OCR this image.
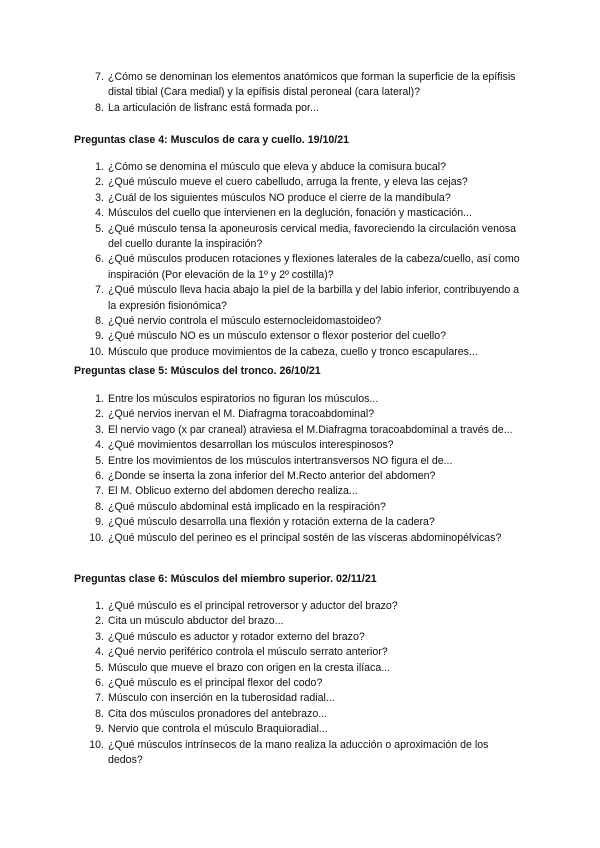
7. ¿Cómo se denominan los elementos anatómicos que forman la superficie de la epífisis distal tibial (Cara medial) y la epífisis distal peroneal (cara lateral)?
8. La articulación de lisfranc está formada por...
Preguntas clase 4: Musculos de cara y cuello. 19/10/21
1. ¿Cómo se denomina el músculo que eleva y abduce la comisura bucal?
2. ¿Qué músculo mueve el cuero cabelludo, arruga la frente, y eleva las cejas?
3. ¿Cuál de los siguientes músculos NO produce el cierre de la mandíbula?
4. Músculos del cuello que intervienen en la deglución, fonación y masticación...
5. ¿Qué músculo tensa la aponeurosis cervical media, favoreciendo la circulación venosa del cuello durante la inspiración?
6. ¿Qué músculos producen rotaciones y flexiones laterales de la cabeza/cuello, así como inspiración (Por elevación de la 1º y 2º costilla)?
7. ¿Qué músculo lleva hacia abajo la piel de la barbilla y del labio inferior, contribuyendo a la expresión fisionómica?
8. ¿Qué nervio controla el músculo esternocleidomastoideo?
9. ¿Qué músculo NO es un músculo extensor o flexor posterior del cuello?
10. Músculo que produce movimientos de la cabeza, cuello y tronco escapulares...
Preguntas clase 5: Músculos del tronco. 26/10/21
1. Entre los músculos espiratorios no figuran los músculos...
2. ¿Qué nervios inervan el M. Diafragma toracoabdominal?
3. El nervio vago (x par craneal) atraviesa el M.Diafragma toracoabdominal a través de...
4. ¿Qué movimientos desarrollan los músculos interespinosos?
5. Entre los movimientos de los músculos intertransversos NO figura el de...
6. ¿Donde se inserta la zona inferior del M.Recto anterior del abdomen?
7. El M. Oblicuo externo del abdomen derecho realiza...
8. ¿Qué músculo abdominal está implicado en la respiración?
9. ¿Qué músculo desarrolla una flexión y rotación externa de la cadera?
10. ¿Qué músculo del perineo es el principal sostén de las vísceras abdominopélvicas?
Preguntas clase 6: Músculos del miembro superior. 02/11/21
1. ¿Qué músculo es el principal retroversor y aductor del brazo?
2. Cita un músculo abductor del brazo...
3. ¿Qué músculo es aductor y rotador externo del brazo?
4. ¿Qué nervio periférico controla el músculo serrato anterior?
5. Músculo que mueve el brazo con origen en la cresta ilíaca...
6. ¿Qué músculo es el principal flexor del codo?
7. Músculo con inserción en la tuberosidad radial...
8. Cita dos músculos pronadores del antebrazo...
9. Nervio que controla el músculo Braquioradial...
10. ¿Qué músculos intrínsecos de la mano realiza la aducción o aproximación de los dedos?
